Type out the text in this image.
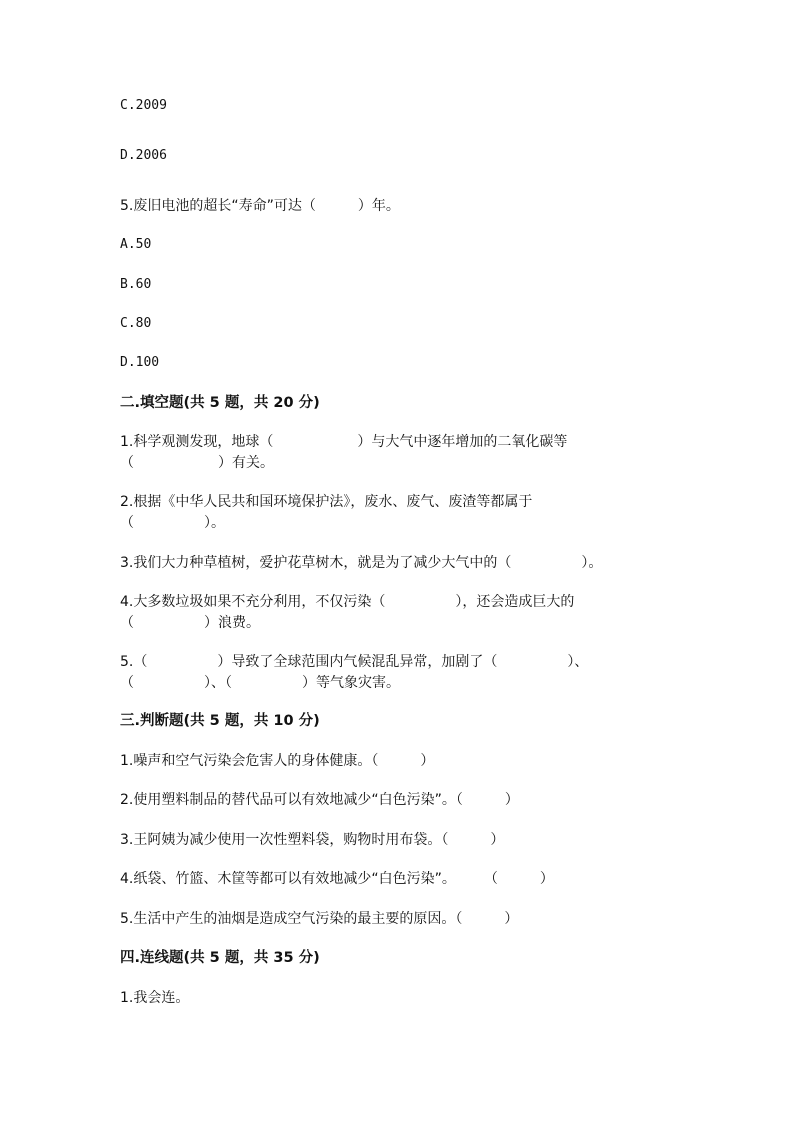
C.2009
D.2006
5.废旧电池的超长“寿命”可达（　　　）年。
A.50
B.60
C.80
D.100
二.填空题(共 5 题，共 20 分)
1.科学观测发现，地球（　　　　　　）与大气中逐年增加的二氧化碳等
（　　　　　　）有关。
2.根据《中华人民共和国环境保护法》，废水、废气、废渣等都属于
（　　　　　）。
3.我们大力种草植树，爱护花草树木，就是为了减少大气中的（　　　　　）。
4.大多数垃圾如果不充分利用，不仅污染（　　　　　），还会造成巨大的
（　　　　　）浪费。
5.（　　　　　）导致了全球范围内气候混乱异常，加剧了（　　　　　）、
（　　　　　）、（　　　　　）等气象灾害。
三.判断题(共 5 题，共 10 分)
1.噪声和空气污染会危害人的身体健康。（　　　）
2.使用塑料制品的替代品可以有效地减少“白色污染”。（　　　）
3.王阿姨为减少使用一次性塑料袋，购物时用布袋。（　　　）
4.纸袋、竹篮、木筐等都可以有效地减少“白色污染”。　　　（　　　）
5.生活中产生的油烟是造成空气污染的最主要的原因。（　　　）
四.连线题(共 5 题，共 35 分)
1.我会连。
